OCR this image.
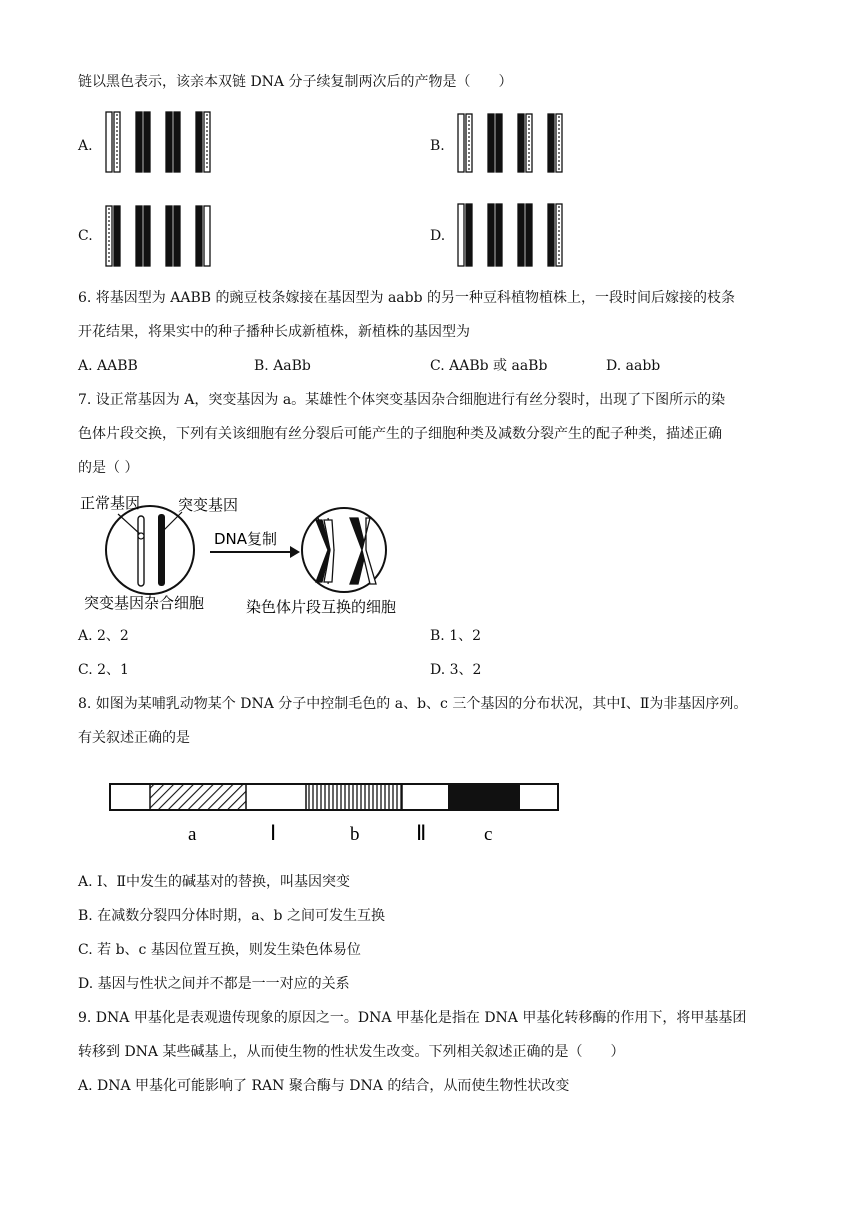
链以黑色表示，该亲本双链 DNA 分子续复制两次后的产物是（　　）
A.	B.
C.	D.
6. 将基因型为 AABB 的豌豆枝条嫁接在基因型为 aabb 的另一种豆科植物植株上，一段时间后嫁接的枝条
开花结果，将果实中的种子播种长成新植株，新植株的基因型为
A. AABB	B. AaBb	C. AABb 或 aaBb	D. aabb
7. 设正常基因为 A，突变基因为 a。某雄性个体突变基因杂合细胞进行有丝分裂时，出现了下图所示的染
色体片段交换，下列有关该细胞有丝分裂后可能产生的子细胞种类及减数分裂产生的配子种类，描述正确
的是（ ）
正常基因	突变基因
DNA复制
突变基因杂合细胞	染色体片段互换的细胞
A. 2、2	B. 1、2
C. 2、1	D. 3、2
8. 如图为某哺乳动物某个 DNA 分子中控制毛色的 a、b、c 三个基因的分布状况，其中Ⅰ、Ⅱ为非基因序列。
有关叙述正确的是
a	Ⅰ	b	Ⅱ	c
A. Ⅰ、Ⅱ中发生的碱基对的替换，叫基因突变
B. 在减数分裂四分体时期，a、b 之间可发生互换
C. 若 b、c 基因位置互换，则发生染色体易位
D. 基因与性状之间并不都是一一对应的关系
9. DNA 甲基化是表观遗传现象的原因之一。DNA 甲基化是指在 DNA 甲基化转移酶的作用下，将甲基基团
转移到 DNA 某些碱基上，从而使生物的性状发生改变。下列相关叙述正确的是（　　）
A. DNA 甲基化可能影响了 RAN 聚合酶与 DNA 的结合，从而使生物性状改变
